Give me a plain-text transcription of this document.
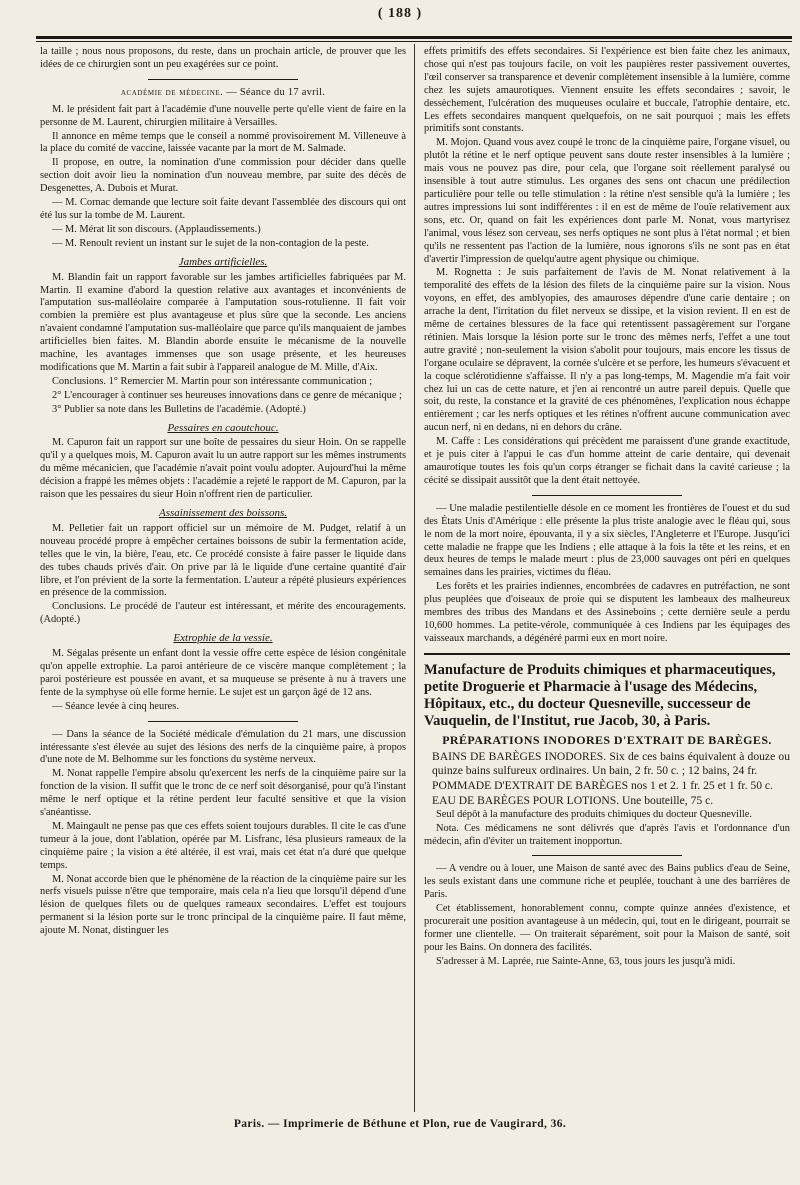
( 188 )

la taille ; nous nous proposons, du reste, dans un prochain article, de prouver que les idées de ce chirurgien sont un peu exagérées sur ce point.

académie de médecine. — Séance du 17 avril.

M. le président fait part à l'académie d'une nouvelle perte qu'elle vient de faire en la personne de M. Laurent, chirurgien militaire à Versailles.

Il annonce en même temps que le conseil a nommé provisoirement M. Villeneuve à la place du comité de vaccine, laissée vacante par la mort de M. Salmade.

Il propose, en outre, la nomination d'une commission pour décider dans quelle section doit avoir lieu la nomination d'un nouveau membre, par suite des décès de Desgenettes, A. Dubois et Murat.

— M. Cornac demande que lecture soit faite devant l'assemblée des discours qui ont été lus sur la tombe de M. Laurent.

— M. Mérat lit son discours. (Applaudissements.)

— M. Renoult revient un instant sur le sujet de la non-contagion de la peste.

Jambes artificielles.

M. Blandin fait un rapport favorable sur les jambes artificielles fabriquées par M. Martin. Il examine d'abord la question relative aux avantages et inconvénients de l'amputation sus-malléolaire comparée à l'amputation sous-rotulienne. Il fait voir combien la première est plus avantageuse et plus sûre que la seconde. Les anciens n'avaient condamné l'amputation sus-malléolaire que parce qu'ils manquaient de jambes artificielles bien faites. M. Blandin aborde ensuite le mécanisme de la nouvelle machine, les avantages immenses que son usage présente, et les heureuses modifications que M. Martin a fait subir à l'appareil analogue de M. Mille, d'Aix.

Conclusions. 1° Remercier M. Martin pour son intéressante communication ;

2° L'encourager à continuer ses heureuses innovations dans ce genre de mécanique ;

3° Publier sa note dans les Bulletins de l'académie. (Adopté.)

Pessaires en caoutchouc.

M. Capuron fait un rapport sur une boîte de pessaires du sieur Hoin. On se rappelle qu'il y a quelques mois, M. Capuron avait lu un autre rapport sur les mêmes instruments du même mécanicien, que l'académie n'avait point voulu adopter. Aujourd'hui la même décision a frappé les mêmes objets : l'académie a rejeté le rapport de M. Capuron, par la raison que les pessaires du sieur Hoin n'offrent rien de particulier.

Assainissement des boissons.

M. Pelletier fait un rapport officiel sur un mémoire de M. Pudget, relatif à un nouveau procédé propre à empêcher certaines boissons de subir la fermentation acide, telles que le vin, la bière, l'eau, etc. Ce procédé consiste à faire passer le liquide dans des tubes chauds privés d'air. On prive par là le liquide d'une certaine quantité d'air libre, et l'on prévient de la sorte la fermentation. L'auteur a répété plusieurs expériences en présence de la commission.

Conclusions. Le procédé de l'auteur est intéressant, et mérite des encouragements. (Adopté.)

Extrophie de la vessie.

M. Ségalas présente un enfant dont la vessie offre cette espèce de lésion congénitale qu'on appelle extrophie. La paroi antérieure de ce viscère manque complètement ; la paroi postérieure est poussée en avant, et sa muqueuse se présente à nu à travers une fente de la symphyse où elle forme hernie. Le sujet est un garçon âgé de 12 ans.

— Séance levée à cinq heures.

— Dans la séance de la Société médicale d'émulation du 21 mars, une discussion intéressante s'est élevée au sujet des lésions des nerfs de la cinquième paire, à propos d'une note de M. Belhomme sur les fonctions du système nerveux.

M. Nonat rappelle l'empire absolu qu'exercent les nerfs de la cinquième paire sur la fonction de la vision. Il suffit que le tronc de ce nerf soit désorganisé, pour qu'à l'instant même le nerf optique et la rétine perdent leur faculté sensitive et que la vision s'anéantisse.

M. Maingault ne pense pas que ces effets soient toujours durables. Il cite le cas d'une tumeur à la joue, dont l'ablation, opérée par M. Lisfranc, lésa plusieurs rameaux de la cinquième paire ; la vision a été altérée, il est vrai, mais cet état n'a duré que quelque temps.

M. Nonat accorde bien que le phénomène de la réaction de la cinquième paire sur les nerfs visuels puisse n'être que temporaire, mais cela n'a lieu que lorsqu'il dépend d'une lésion de quelques filets ou de quelques rameaux secondaires. L'effet est toujours permanent si la lésion porte sur le tronc principal de la cinquième paire. Il faut même, ajoute M. Nonat, distinguer les

effets primitifs des effets secondaires. Si l'expérience est bien faite chez les animaux, chose qui n'est pas toujours facile, on voit les paupières rester passivement ouvertes, l'œil conserver sa transparence et devenir complètement insensible à la lumière, comme chez les sujets amaurotiques. Viennent ensuite les effets secondaires ; savoir, le dessèchement, l'ulcération des muqueuses oculaire et buccale, l'atrophie dentaire, etc. Les effets secondaires manquent quelquefois, on ne sait pourquoi ; mais les effets primitifs sont constants.

M. Mojon. Quand vous avez coupé le tronc de la cinquième paire, l'organe visuel, ou plutôt la rétine et le nerf optique peuvent sans doute rester insensibles à la lumière ; mais vous ne pouvez pas dire, pour cela, que l'organe soit réellement paralysé ou insensible à tout autre stimulus. Les organes des sens ont chacun une prédilection particulière pour telle ou telle stimulation : la rétine n'est sensible qu'à la lumière ; les autres impressions lui sont indifférentes : il en est de même de l'ouïe relativement aux sons, etc. Or, quand on fait les expériences dont parle M. Nonat, vous martyrisez l'animal, vous lésez son cerveau, ses nerfs optiques ne sont plus à l'état normal ; et bien qu'ils ne ressentent pas l'action de la lumière, nous ignorons s'ils ne sont pas en état d'avertir l'impression de quelqu'autre agent physique ou chimique.

M. Rognetta : Je suis parfaitement de l'avis de M. Nonat relativement à la temporalité des effets de la lésion des filets de la cinquième paire sur la vision. Nous voyons, en effet, des amblyopies, des amauroses dépendre d'une carie dentaire ; on arrache la dent, l'irritation du filet nerveux se dissipe, et la vision revient. Il en est de même de certaines blessures de la face qui retentissent passagèrement sur l'organe rétinien. Mais lorsque la lésion porte sur le tronc des mêmes nerfs, l'effet a une tout autre gravité ; non-seulement la vision s'abolit pour toujours, mais encore les tissus de l'organe oculaire se dépravent, la cornée s'ulcère et se perfore, les humeurs s'évacuent et la coque sclérotidienne s'affaisse. Il n'y a pas long-temps, M. Magendie m'a fait voir chez lui un cas de cette nature, et j'en ai rencontré un autre pareil depuis. Quelle que soit, du reste, la constance et la gravité de ces phénomènes, l'explication nous échappe entièrement ; car les nerfs optiques et les rétines n'offrent aucune communication avec aucun nerf, ni en dedans, ni en dehors du crâne.

M. Caffe : Les considérations qui précèdent me paraissent d'une grande exactitude, et je puis citer à l'appui le cas d'un homme atteint de carie dentaire, qui devenait amaurotique toutes les fois qu'un corps étranger se fichait dans la cavité carieuse ; la cécité se dissipait aussitôt que la dent était nettoyée.

— Une maladie pestilentielle désole en ce moment les frontières de l'ouest et du sud des États Unis d'Amérique : elle présente la plus triste analogie avec le fléau qui, sous le nom de la mort noire, épouvanta, il y a six siècles, l'Angleterre et l'Europe. Jusqu'ici cette maladie ne frappe que les Indiens ; elle attaque à la fois la tête et les reins, et en deux heures de temps le malade meurt : plus de 23,000 sauvages ont péri en quelques semaines dans les prairies, victimes du fléau.

Les forêts et les prairies indiennes, encombrées de cadavres en putréfaction, ne sont plus peuplées que d'oiseaux de proie qui se disputent les lambeaux des malheureux membres des tribus des Mandans et des Assineboins ; cette dernière seule a perdu 10,600 hommes. La petite-vérole, communiquée à ces Indiens par les équipages des vaisseaux marchands, a dégénéré parmi eux en mort noire.

Manufacture de Produits chimiques et pharmaceutiques, petite Droguerie et Pharmacie à l'usage des Médecins, Hôpitaux, etc., du docteur Quesneville, successeur de Vauquelin, de l'Institut, rue Jacob, 30, à Paris.

PRÉPARATIONS INODORES D'EXTRAIT DE BARÈGES.

BAINS DE BARÈGES INODORES. Six de ces bains équivalent à douze ou quinze bains sulfureux ordinaires. Un bain, 2 fr. 50 c. ; 12 bains, 24 fr.

POMMADE D'EXTRAIT DE BARÈGES nos 1 et 2. 1 fr. 25 et 1 fr. 50 c.

EAU DE BARÈGES POUR LOTIONS. Une bouteille, 75 c.

Seul dépôt à la manufacture des produits chimiques du docteur Quesneville.

Nota. Ces médicamens ne sont délivrés que d'après l'avis et l'ordonnance d'un médecin, afin d'éviter un traitement inopportun.

— A vendre ou à louer, une Maison de santé avec des Bains publics d'eau de Seine, les seuls existant dans une commune riche et peuplée, touchant à une des barrières de Paris.

Cet établissement, honorablement connu, compte quinze années d'existence, et procurerait une position avantageuse à un médecin, qui, tout en le dirigeant, pourrait se former une clientelle. — On traiterait séparément, soit pour la Maison de santé, soit pour les Bains. On donnera des facilités.

S'adresser à M. Laprée, rue Sainte-Anne, 63, tous jours les jusqu'à midi.

Paris. — Imprimerie de Béthune et Plon, rue de Vaugirard, 36.
